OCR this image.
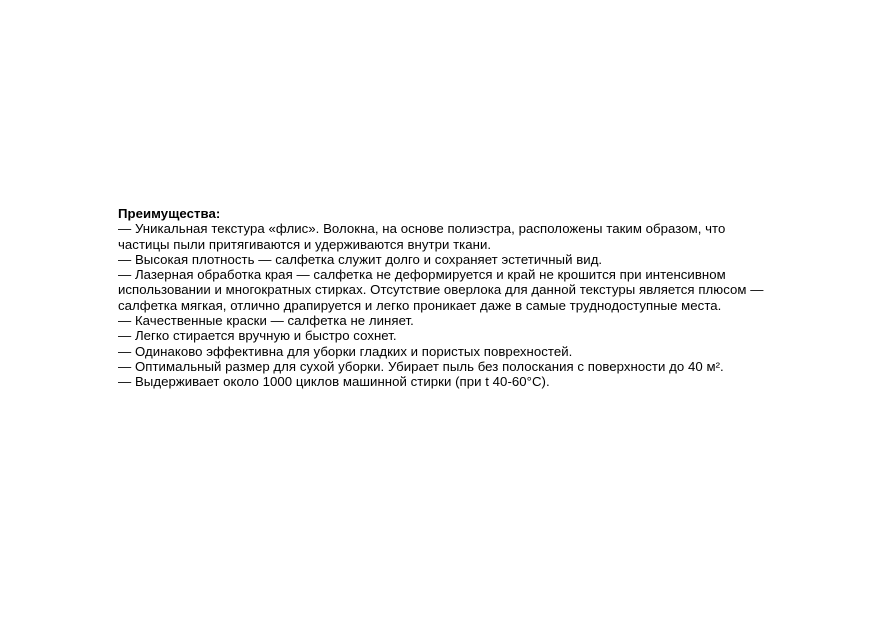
Преимущества:
— Уникальная текстура «флис». Волокна, на основе полиэстра, расположены таким образом, что
частицы пыли притягиваются и удерживаются внутри ткани.
— Высокая плотность — салфетка служит долго и сохраняет эстетичный вид.
— Лазерная обработка края — салфетка не деформируется и край не крошится при интенсивном
использовании и многократных стирках. Отсутствие оверлока для данной текстуры является плюсом —
салфетка мягкая, отлично драпируется и легко проникает даже в самые труднодоступные места.
— Качественные краски — салфетка не линяет.
— Легко стирается вручную и быстро сохнет.
— Одинаково эффективна для уборки гладких и пористых поврехностей.
— Оптимальный размер для сухой уборки. Убирает пыль без полоскания с поверхности до 40 м².
— Выдерживает около 1000 циклов машинной стирки (при t 40-60°С).
